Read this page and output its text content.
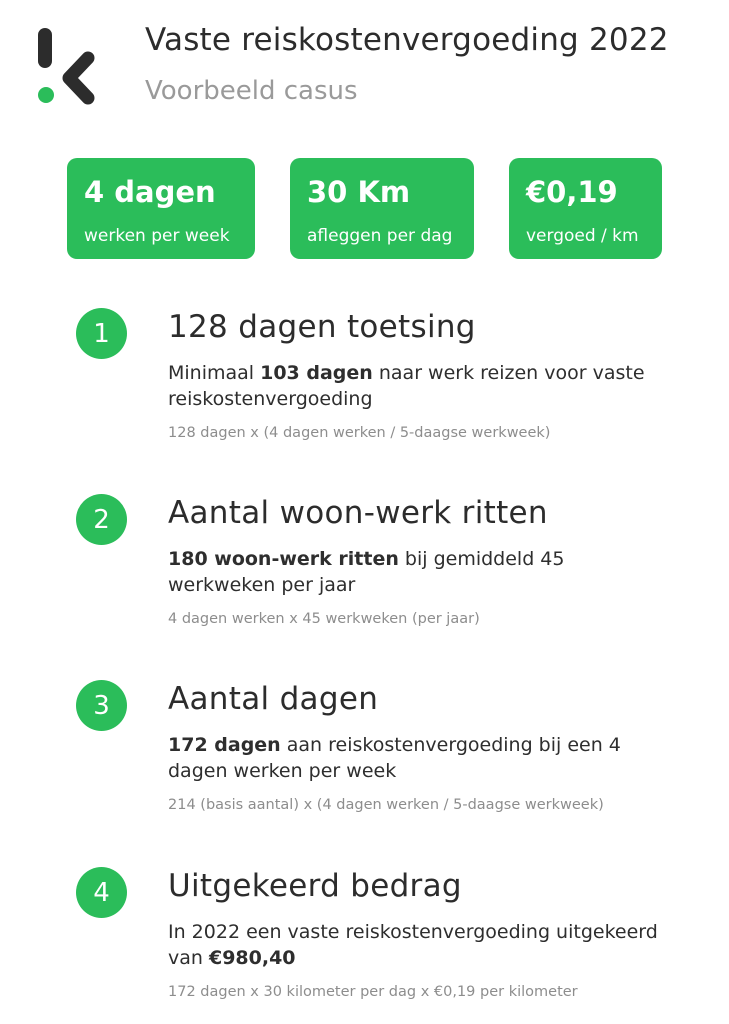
Vaste reiskostenvergoeding 2022
Voorbeeld casus
4 dagen
werken per week
30 Km
afleggen per dag
€0,19
vergoed / km
1	128 dagen toetsing
Minimaal 103 dagen naar werk reizen voor vaste reiskostenvergoeding
128 dagen x (4 dagen werken / 5-daagse werkweek)
2	Aantal woon-werk ritten
180 woon-werk ritten bij gemiddeld 45 werkweken per jaar
4 dagen werken x 45 werkweken (per jaar)
3	Aantal dagen
172 dagen aan reiskostenvergoeding bij een 4 dagen werken per week
214 (basis aantal) x (4 dagen werken / 5-daagse werkweek)
4	Uitgekeerd bedrag
In 2022 een vaste reiskostenvergoeding uitgekeerd van €980,40
172 dagen x 30 kilometer per dag x €0,19 per kilometer
